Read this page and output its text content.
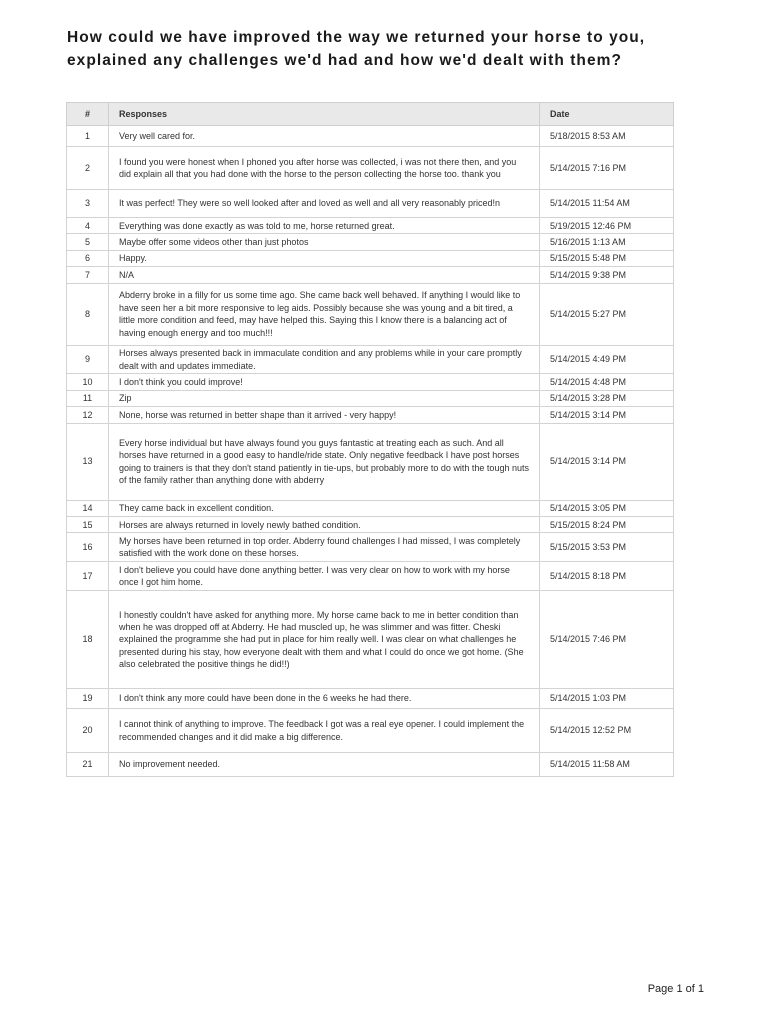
How could we have improved the way we returned your horse to you, explained any challenges we'd had and how we'd dealt with them?
#	Responses	Date
1	Very well cared for.	5/18/2015 8:53 AM
2	I found you were honest when I phoned you after horse was collected, i was not there then, and you did explain all that you had done with the horse to the person collecting the horse too. thank you	5/14/2015 7:16 PM
3	It was perfect! They were so well looked after and loved as well and all very reasonably priced!n	5/14/2015 11:54 AM
4	Everything was done exactly as was told to me, horse returned great.	5/19/2015 12:46 PM
5	Maybe offer some videos other than just photos	5/16/2015 1:13 AM
6	Happy.	5/15/2015 5:48 PM
7	N/A	5/14/2015 9:38 PM
8	Abderry broke in a filly for us some time ago. She came back well behaved. If anything I would like to have seen her a bit more responsive to leg aids. Possibly because she was young and a bit tired, a little more condition and feed, may have helped this. Saying this I know there is a balancing act of having enough energy and too much!!!	5/14/2015 5:27 PM
9	Horses always presented back in immaculate condition and any problems while in your care promptly dealt with and updates immediate.	5/14/2015 4:49 PM
10	I don't think you could improve!	5/14/2015 4:48 PM
11	Zip	5/14/2015 3:28 PM
12	None, horse was returned in better shape than it arrived - very happy!	5/14/2015 3:14 PM
13	Every horse individual but have always found you guys fantastic at treating each as such. And all horses have returned in a good easy to handle/ride state. Only negative feedback I have post horses going to trainers is that they don't stand patiently in tie-ups, but probably more to do with the tough nuts of the family rather than anything done with abderry	5/14/2015 3:14 PM
14	They came back in excellent condition.	5/14/2015 3:05 PM
15	Horses are always returned in lovely newly bathed condition.	5/15/2015 8:24 PM
16	My horses have been returned in top order. Abderry found challenges I had missed, I was completely satisfied with the work done on these horses.	5/15/2015 3:53 PM
17	I don't believe you could have done anything better. I was very clear on how to work with my horse once I got him home.	5/14/2015 8:18 PM
18	I honestly couldn't have asked for anything more. My horse came back to me in better condition than when he was dropped off at Abderry. He had muscled up, he was slimmer and was fitter. Cheski explained the programme she had put in place for him really well. I was clear on what challenges he presented during his stay, how everyone dealt with them and what I could do once we got home. (She also celebrated the positive things he did!!)	5/14/2015 7:46 PM
19	I don't think any more could have been done in the 6 weeks he had there.	5/14/2015 1:03 PM
20	I cannot think of anything to improve. The feedback I got was a real eye opener. I could implement the recommended changes and it did make a big difference.	5/14/2015 12:52 PM
21	No improvement needed.	5/14/2015 11:58 AM
Page 1 of 1
